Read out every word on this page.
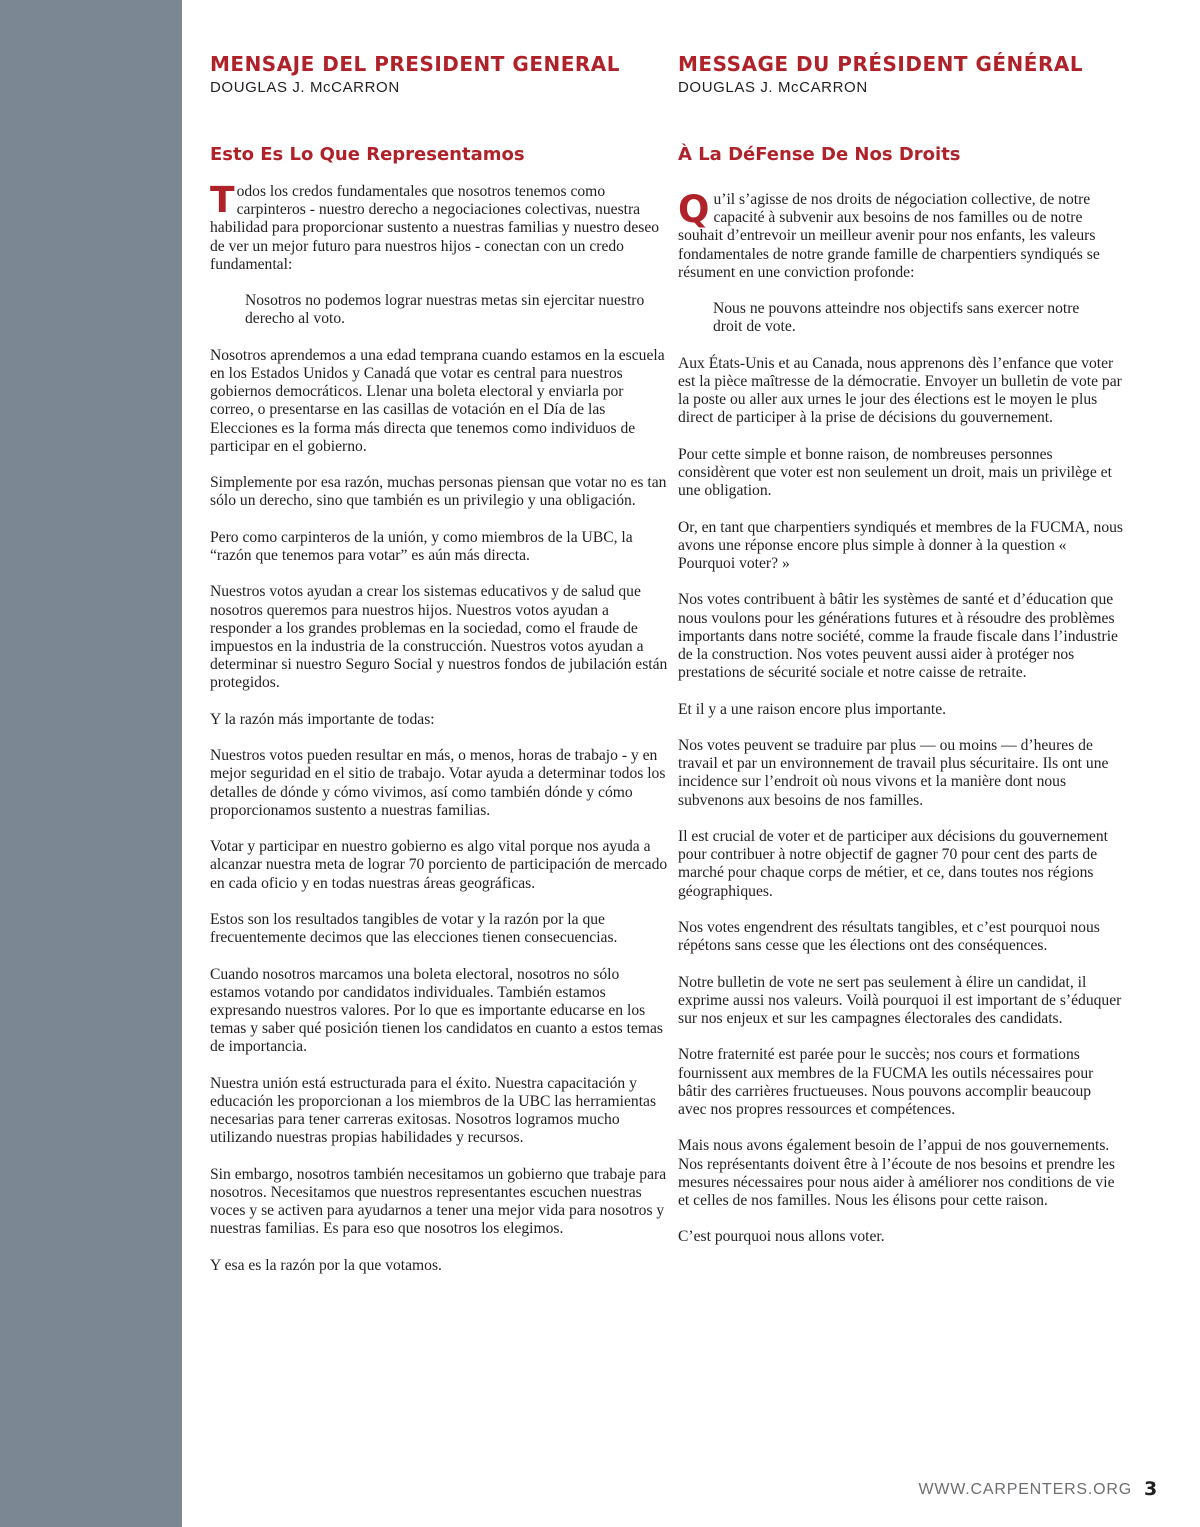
MENSAJE DEL PRESIDENT GENERAL
DOUGLAS J. McCARRON
Esto Es Lo Que Representamos

Todos los credos fundamentales que nosotros tenemos como carpinteros - nuestro derecho a negociaciones colectivas, nuestra habilidad para proporcionar sustento a nuestras familias y nuestro deseo de ver un mejor futuro para nuestros hijos - conectan con un credo fundamental:

Nosotros no podemos lograr nuestras metas sin ejercitar nuestro derecho al voto.

Nosotros aprendemos a una edad temprana cuando estamos en la escuela en los Estados Unidos y Canadá que votar es central para nuestros gobiernos democráticos. Llenar una boleta electoral y enviarla por correo, o presentarse en las casillas de votación en el Día de las Elecciones es la forma más directa que tenemos como individuos de participar en el gobierno.

Simplemente por esa razón, muchas personas piensan que votar no es tan sólo un derecho, sino que también es un privilegio y una obligación.

Pero como carpinteros de la unión, y como miembros de la UBC, la “razón que tenemos para votar” es aún más directa.

Nuestros votos ayudan a crear los sistemas educativos y de salud que nosotros queremos para nuestros hijos. Nuestros votos ayudan a responder a los grandes problemas en la sociedad, como el fraude de impuestos en la industria de la construcción. Nuestros votos ayudan a determinar si nuestro Seguro Social y nuestros fondos de jubilación están protegidos.

Y la razón más importante de todas:

Nuestros votos pueden resultar en más, o menos, horas de trabajo - y en mejor seguridad en el sitio de trabajo. Votar ayuda a determinar todos los detalles de dónde y cómo vivimos, así como también dónde y cómo proporcionamos sustento a nuestras familias.

Votar y participar en nuestro gobierno es algo vital porque nos ayuda a alcanzar nuestra meta de lograr 70 porciento de participación de mercado en cada oficio y en todas nuestras áreas geográficas.

Estos son los resultados tangibles de votar y la razón por la que frecuentemente decimos que las elecciones tienen consecuencias.

Cuando nosotros marcamos una boleta electoral, nosotros no sólo estamos votando por candidatos individuales. También estamos expresando nuestros valores. Por lo que es importante educarse en los temas y saber qué posición tienen los candidatos en cuanto a estos temas de importancia.

Nuestra unión está estructurada para el éxito. Nuestra capacitación y educación les proporcionan a los miembros de la UBC las herramientas necesarias para tener carreras exitosas. Nosotros logramos mucho utilizando nuestras propias habilidades y recursos.

Sin embargo, nosotros también necesitamos un gobierno que trabaje para nosotros. Necesitamos que nuestros representantes escuchen nuestras voces y se activen para ayudarnos a tener una mejor vida para nosotros y nuestras familias. Es para eso que nosotros los elegimos.

Y esa es la razón por la que votamos.

MESSAGE DU PRÉSIDENT GÉNÉRAL
DOUGLAS J. McCARRON
À La DéFense De Nos Droits

Qu’il s’agisse de nos droits de négociation collective, de notre capacité à subvenir aux besoins de nos familles ou de notre souhait d’entrevoir un meilleur avenir pour nos enfants, les valeurs fondamentales de notre grande famille de charpentiers syndiqués se résument en une conviction profonde:

Nous ne pouvons atteindre nos objectifs sans exercer notre droit de vote.

Aux États-Unis et au Canada, nous apprenons dès l’enfance que voter est la pièce maîtresse de la démocratie. Envoyer un bulletin de vote par la poste ou aller aux urnes le jour des élections est le moyen le plus direct de participer à la prise de décisions du gouvernement.

Pour cette simple et bonne raison, de nombreuses personnes considèrent que voter est non seulement un droit, mais un privilège et une obligation.

Or, en tant que charpentiers syndiqués et membres de la FUCMA, nous avons une réponse encore plus simple à donner à la question « Pourquoi voter? »

Nos votes contribuent à bâtir les systèmes de santé et d’éducation que nous voulons pour les générations futures et à résoudre des problèmes importants dans notre société, comme la fraude fiscale dans l’industrie de la construction. Nos votes peuvent aussi aider à protéger nos prestations de sécurité sociale et notre caisse de retraite.

Et il y a une raison encore plus importante.

Nos votes peuvent se traduire par plus — ou moins — d’heures de travail et par un environnement de travail plus sécuritaire. Ils ont une incidence sur l’endroit où nous vivons et la manière dont nous subvenons aux besoins de nos familles.

Il est crucial de voter et de participer aux décisions du gouvernement pour contribuer à notre objectif de gagner 70 pour cent des parts de marché pour chaque corps de métier, et ce, dans toutes nos régions géographiques.

Nos votes engendrent des résultats tangibles, et c’est pourquoi nous répétons sans cesse que les élections ont des conséquences.

Notre bulletin de vote ne sert pas seulement à élire un candidat, il exprime aussi nos valeurs. Voilà pourquoi il est important de s’éduquer sur nos enjeux et sur les campagnes électorales des candidats.

Notre fraternité est parée pour le succès; nos cours et formations fournissent aux membres de la FUCMA les outils nécessaires pour bâtir des carrières fructueuses. Nous pouvons accomplir beaucoup avec nos propres ressources et compétences.

Mais nous avons également besoin de l’appui de nos gouvernements. Nos représentants doivent être à l’écoute de nos besoins et prendre les mesures nécessaires pour nous aider à améliorer nos conditions de vie et celles de nos familles. Nous les élisons pour cette raison.

C’est pourquoi nous allons voter.

WWW.CARPENTERS.ORG 3
